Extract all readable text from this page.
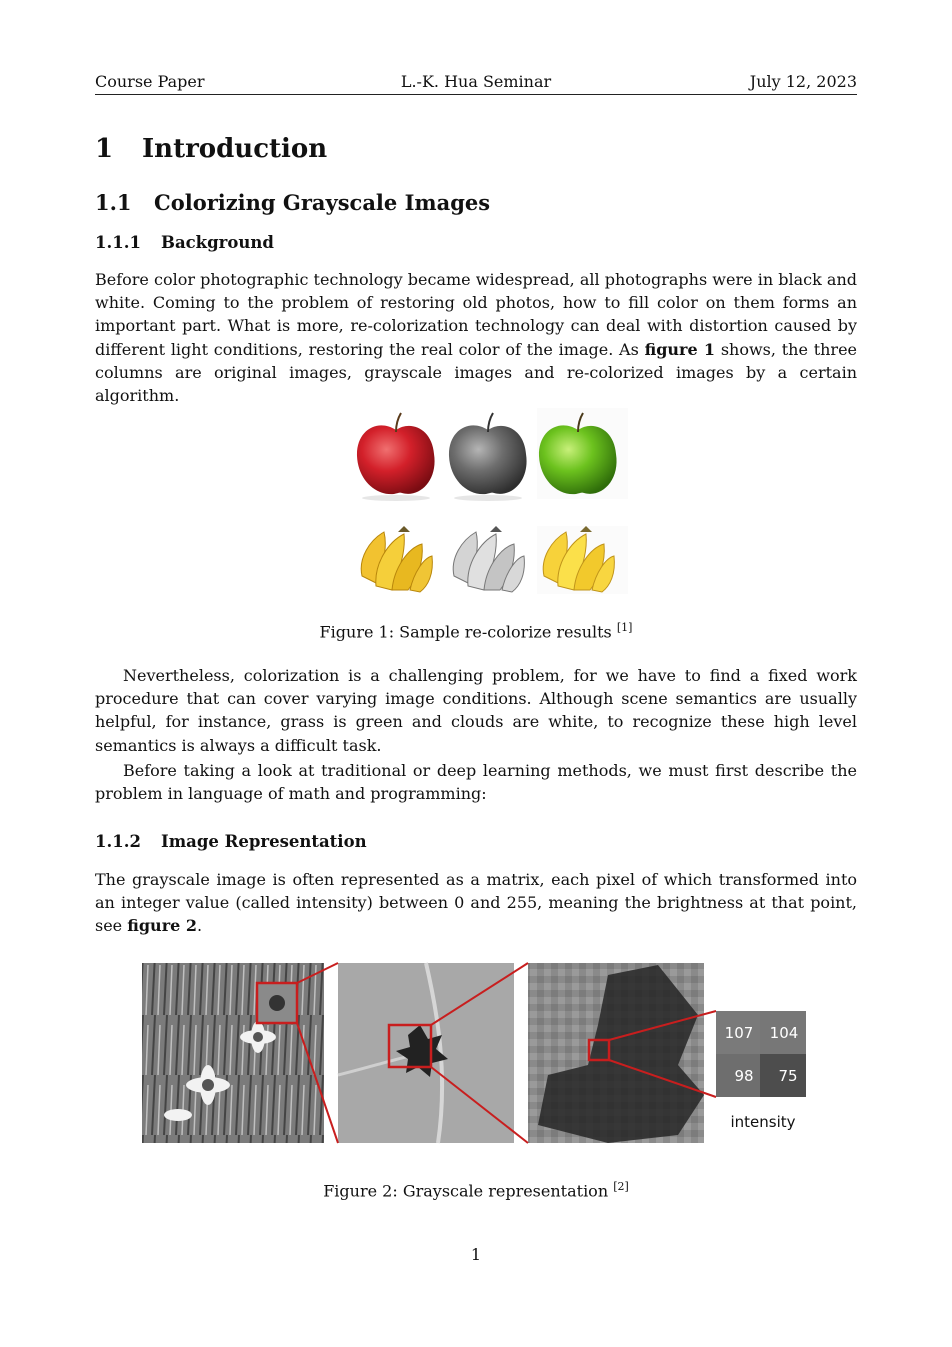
Course Paper	L.-K. Hua Seminar	July 12, 2023
1 Introduction
1.1 Colorizing Grayscale Images
1.1.1 Background

Before color photographic technology became widespread, all photographs were in black and white. Coming to the problem of restoring old photos, how to fill color on them forms an important part. What is more, re-colorization technology can deal with distortion caused by different light conditions, restoring the real color of the image. As figure 1 shows, the three columns are original images, grayscale images and re-colorized images by a certain algorithm.

Figure 1: Sample re-colorize results [1]

Nevertheless, colorization is a challenging problem, for we have to find a fixed work procedure that can cover varying image conditions. Although scene semantics are usually helpful, for instance, grass is green and clouds are white, to recognize these high level semantics is always a difficult task.

Before taking a look at traditional or deep learning methods, we must first describe the problem in language of math and programming:

1.1.2 Image Representation

The grayscale image is often represented as a matrix, each pixel of which transformed into an integer value (called intensity) between 0 and 255, meaning the brightness at that point, see figure 2.

107 104
98 75
intensity
Figure 2: Grayscale representation [2]
1
